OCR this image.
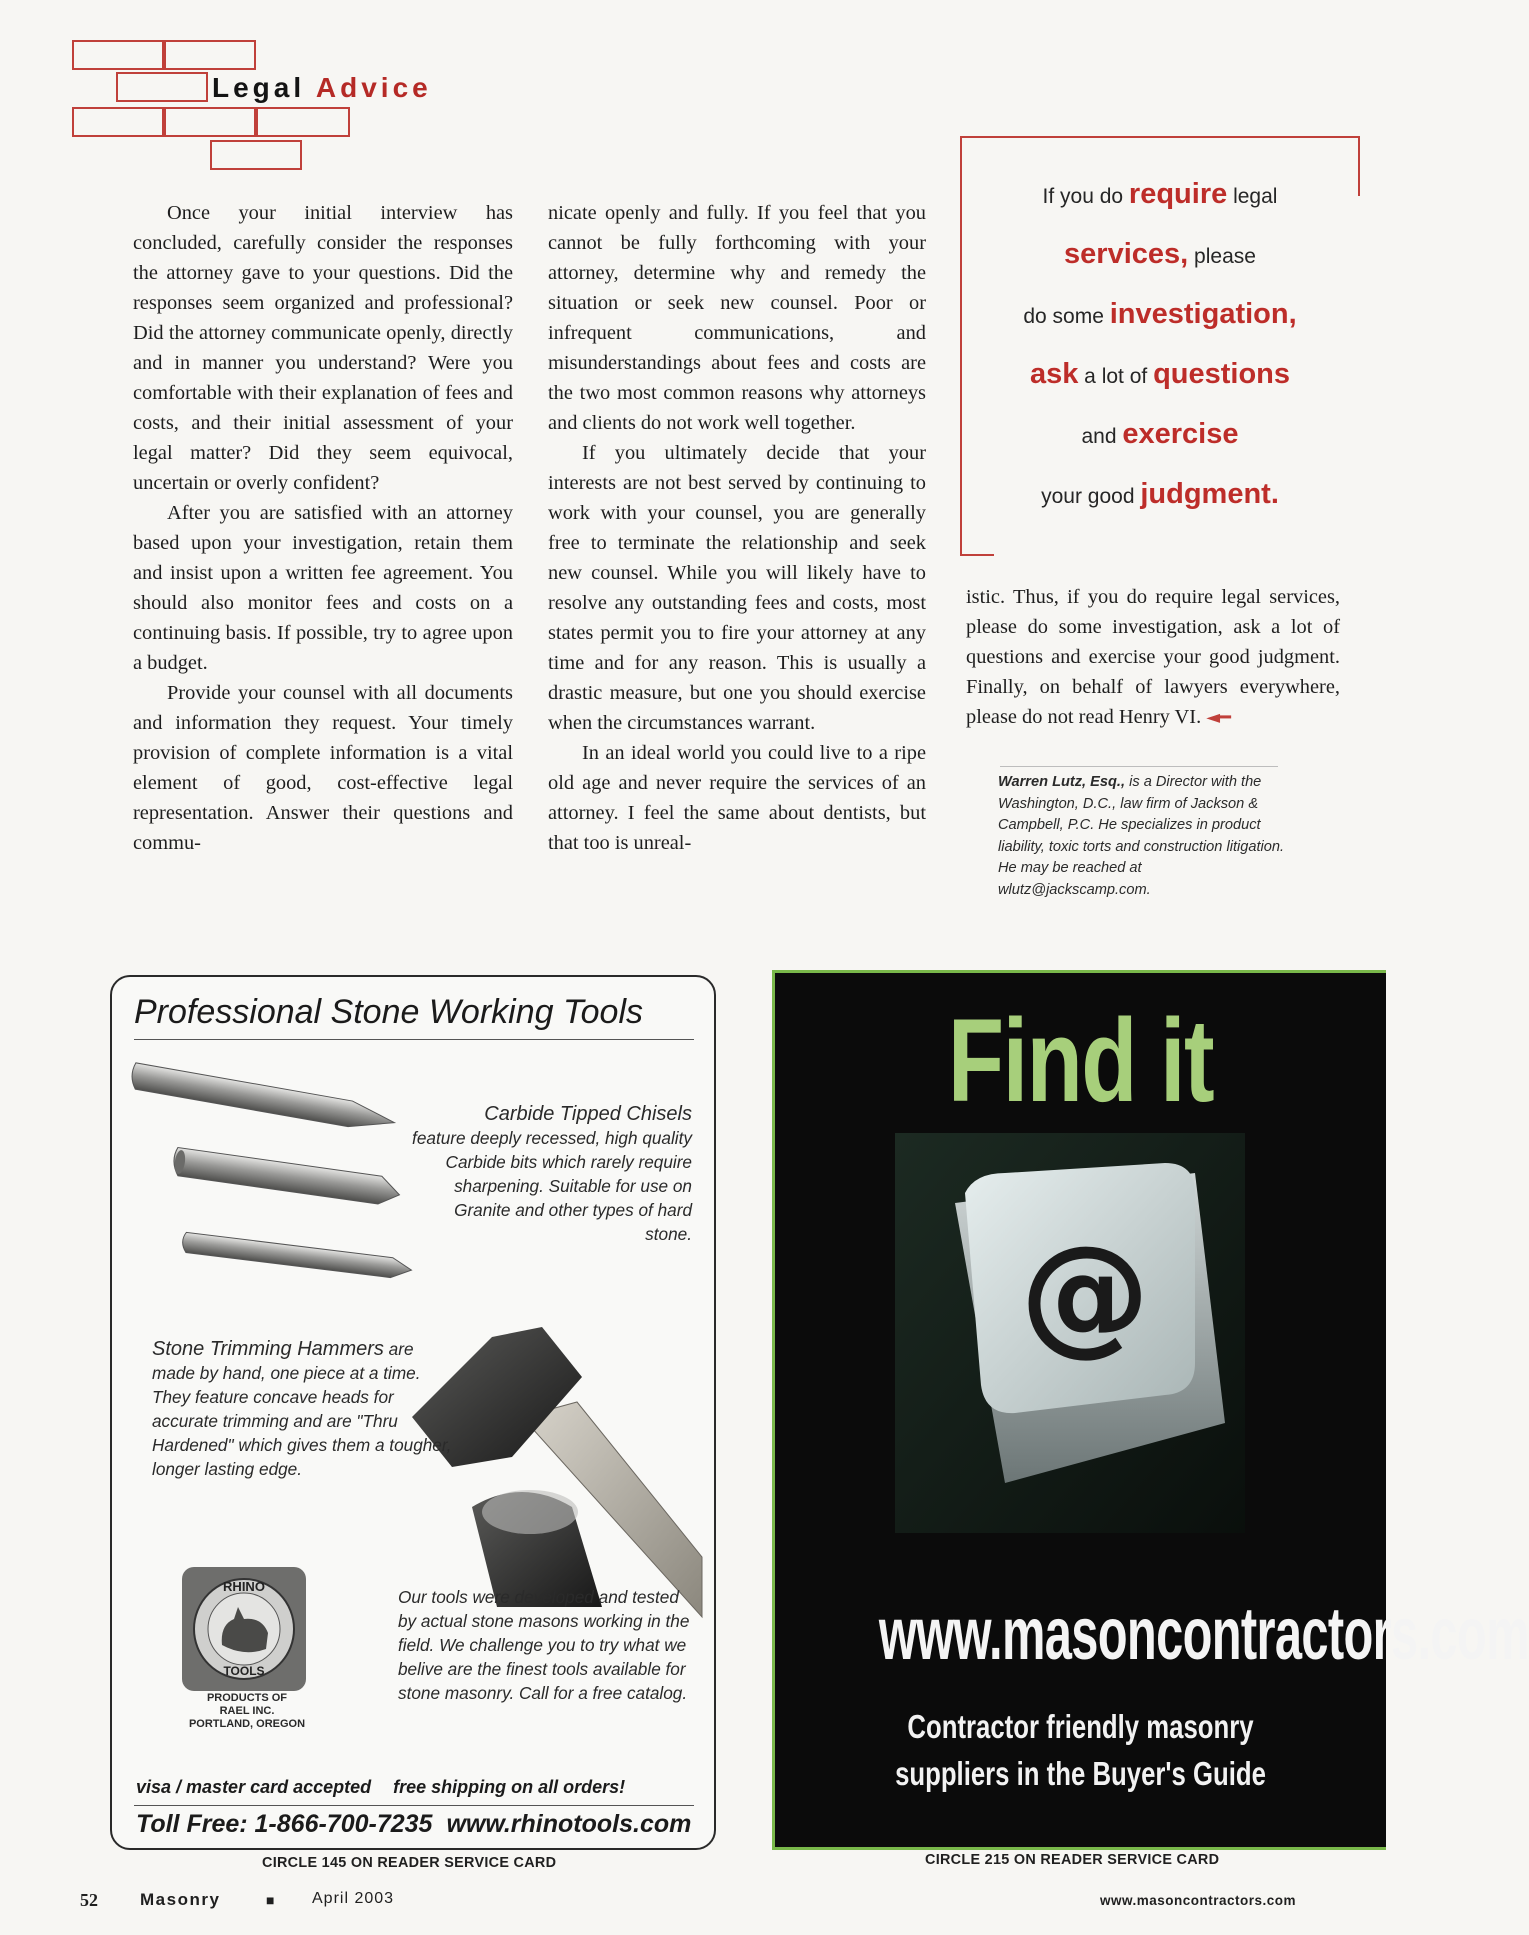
Legal Advice

Once your initial interview has concluded, carefully consider the responses the attorney gave to your questions. Did the responses seem organized and professional? Did the attorney communicate openly, directly and in manner you understand? Were you comfortable with their explanation of fees and costs, and their initial assessment of your legal matter? Did they seem equivocal, uncertain or overly confident?

After you are satisfied with an attorney based upon your investigation, retain them and insist upon a written fee agreement. You should also monitor fees and costs on a continuing basis. If possible, try to agree upon a budget.

Provide your counsel with all documents and information they request. Your timely provision of complete information is a vital element of good, cost-effective legal representation. Answer their questions and commu-

nicate openly and fully. If you feel that you cannot be fully forthcoming with your attorney, determine why and remedy the situation or seek new counsel. Poor or infrequent communications, and misunderstandings about fees and costs are the two most common reasons why attorneys and clients do not work well together.

If you ultimately decide that your interests are not best served by continuing to work with your counsel, you are generally free to terminate the relationship and seek new counsel. While you will likely have to resolve any outstanding fees and costs, most states permit you to fire your attorney at any time and for any reason. This is usually a drastic measure, but one you should exercise when the circumstances warrant.

In an ideal world you could live to a ripe old age and never require the services of an attorney. I feel the same about dentists, but that too is unreal-

istic. Thus, if you do require legal services, please do some investigation, ask a lot of questions and exercise your good judgment. Finally, on behalf of lawyers everywhere, please do not read Henry VI. ◄━

If you do require legal
services, please
do some investigation,
ask a lot of questions
and exercise
your good judgment.
Warren Lutz, Esq., is a Director with the Washington, D.C., law firm of Jackson & Campbell, P.C. He specializes in product liability, toxic torts and construction litigation. He may be reached at wlutz@jackscamp.com.
Professional Stone Working Tools
Carbide Tipped Chisels
feature deeply recessed, high quality Carbide bits which rarely require sharpening. Suitable for use on Granite and other types of hard stone.
Stone Trimming Hammers are made by hand, one piece at a time. They feature concave heads for accurate trimming and are "Thru Hardened" which gives them a tougher, longer lasting edge.
RHINO
TOOLS
PRODUCTS OF
RAEL INC.
PORTLAND, OREGON
Our tools were developed and tested by actual stone masons working in the field. We challenge you to try what we belive are the finest tools available for stone masonry. Call for a free catalog.
visa / master card accepted free shipping on all orders!
Toll Free: 1-866-700-7235 www.rhinotools.com
CIRCLE 145 ON READER SERVICE CARD
Find it
@
www.masoncontractors.com
Contractor friendly masonry
suppliers in the Buyer's Guide
CIRCLE 215 ON READER SERVICE CARD
52 Masonry	■ April 2003	www.masoncontractors.com
